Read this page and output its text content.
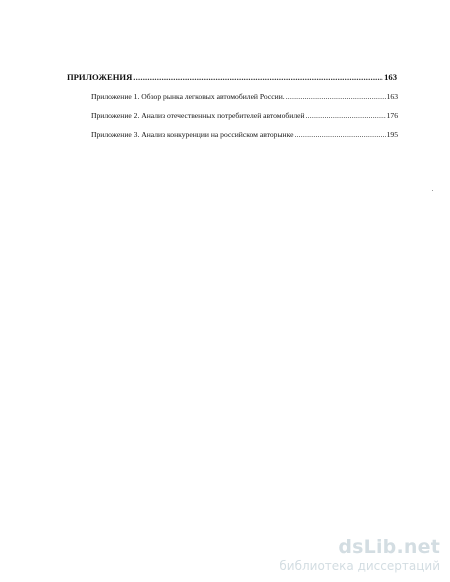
ПРИЛОЖЕНИЯ .....	163
Приложение 1. Обзор рынка легковых автомобилей России. .....	163
Приложение 2. Анализ отечественных потребителей автомобилей .....	176
Приложение 3. Анализ конкуренции на российском авторынке .....	195
dsLib.net
библиотека диссертаций
